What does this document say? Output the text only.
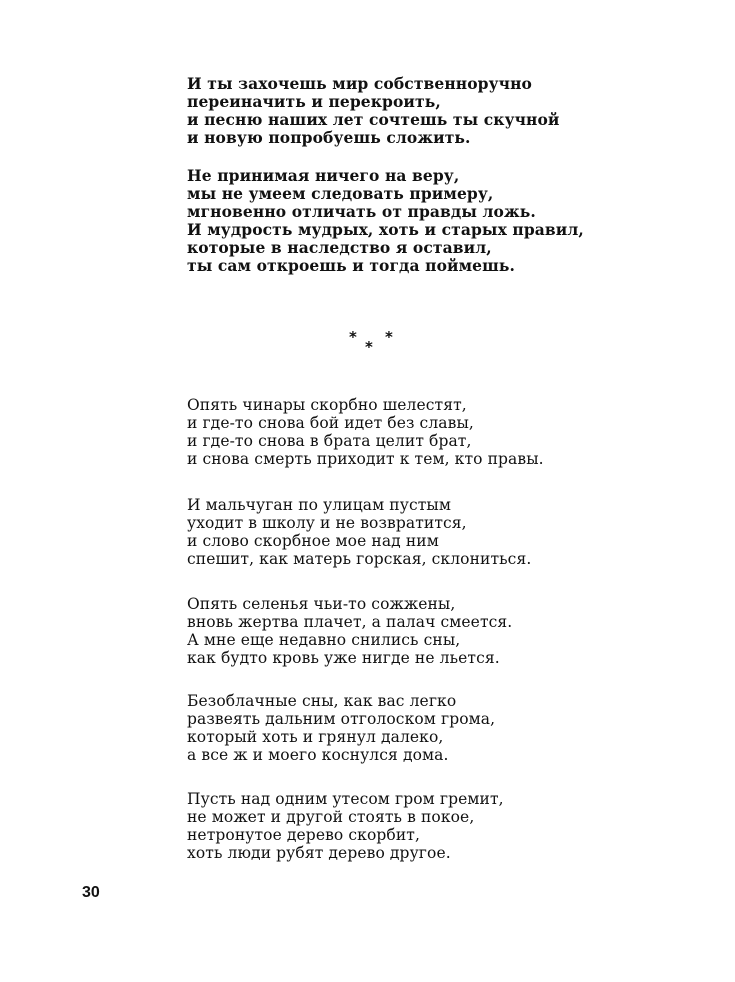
И ты захочешь мир собственноручно
переиначить и перекроить,
и песню наших лет сочтешь ты скучной
и новую попробуешь сложить.
Не принимая ничего на веру,
мы не умеем следовать примеру,
мгновенно отличать от правды ложь.
И мудрость мудрых, хоть и старых правил,
которые в наследство я оставил,
ты сам откроешь и тогда поймешь.
*
*
*
Опять чинары скорбно шелестят,
и где-то снова бой идет без славы,
и где-то снова в брата целит брат,
и снова смерть приходит к тем, кто правы.
И мальчуган по улицам пустым
уходит в школу и не возвратится,
и слово скорбное мое над ним
спешит, как матерь горская, склониться.
Опять селенья чьи-то сожжены,
вновь жертва плачет, а палач смеется.
А мне еще недавно снились сны,
как будто кровь уже нигде не льется.
Безоблачные сны, как вас легко
развеять дальним отголоском грома,
который хоть и грянул далеко,
а все ж и моего коснулся дома.
Пусть над одним утесом гром гремит,
не может и другой стоять в покое,
нетронутое дерево скорбит,
хоть люди рубят дерево другое.
30
